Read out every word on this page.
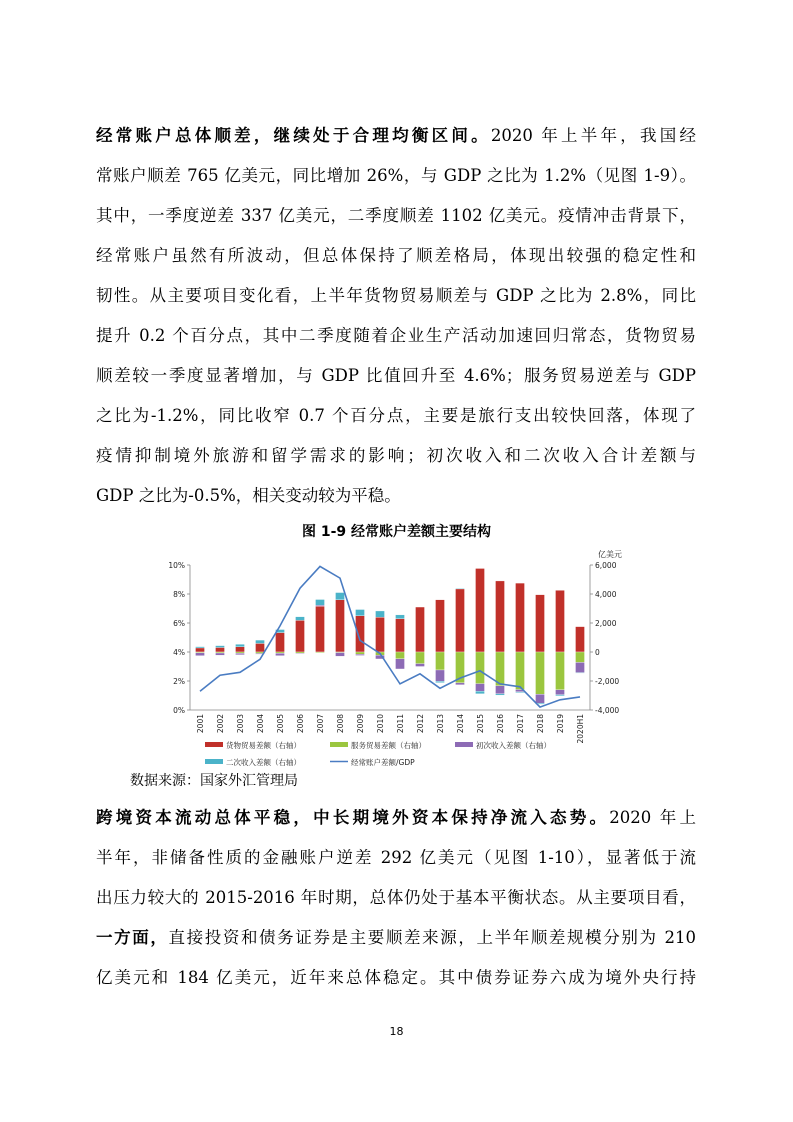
经常账户总体顺差，继续处于合理均衡区间。2020 年上半年，我国经
常账户顺差 765 亿美元，同比增加 26%，与 GDP 之比为 1.2%（见图 1-9）。
其中，一季度逆差 337 亿美元，二季度顺差 1102 亿美元。疫情冲击背景下，
经常账户虽然有所波动，但总体保持了顺差格局，体现出较强的稳定性和
韧性。从主要项目变化看，上半年货物贸易顺差与 GDP 之比为 2.8%，同比
提升 0.2 个百分点，其中二季度随着企业生产活动加速回归常态，货物贸易
顺差较一季度显著增加，与 GDP 比值回升至 4.6%；服务贸易逆差与 GDP
之比为-1.2%，同比收窄 0.7 个百分点，主要是旅行支出较快回落，体现了
疫情抑制境外旅游和留学需求的影响；初次收入和二次收入合计差额与
GDP 之比为-0.5%，相关变动较为平稳。
图 1-9 经常账户差额主要结构
0%
2%
4%
6%
8%
10%
-4,000
-2,000
0
2,000
4,000
6,000
亿美元
2001 2002 2003 2004 2005 2006 2007 2008 2009 2010 2011 2012 2013 2014 2015 2016 2017 2018 2019 2020H1
货物贸易差额（右轴）	服务贸易差额（右轴）	初次收入差额（右轴）
二次收入差额（右轴）	经常账户差额/GDP
数据来源：国家外汇管理局
跨境资本流动总体平稳，中长期境外资本保持净流入态势。2020 年上
半年，非储备性质的金融账户逆差 292 亿美元（见图 1-10），显著低于流
出压力较大的 2015-2016 年时期，总体仍处于基本平衡状态。从主要项目看，
一方面，直接投资和债务证券是主要顺差来源，上半年顺差规模分别为 210
亿美元和 184 亿美元，近年来总体稳定。其中债券证券六成为境外央行持
18
